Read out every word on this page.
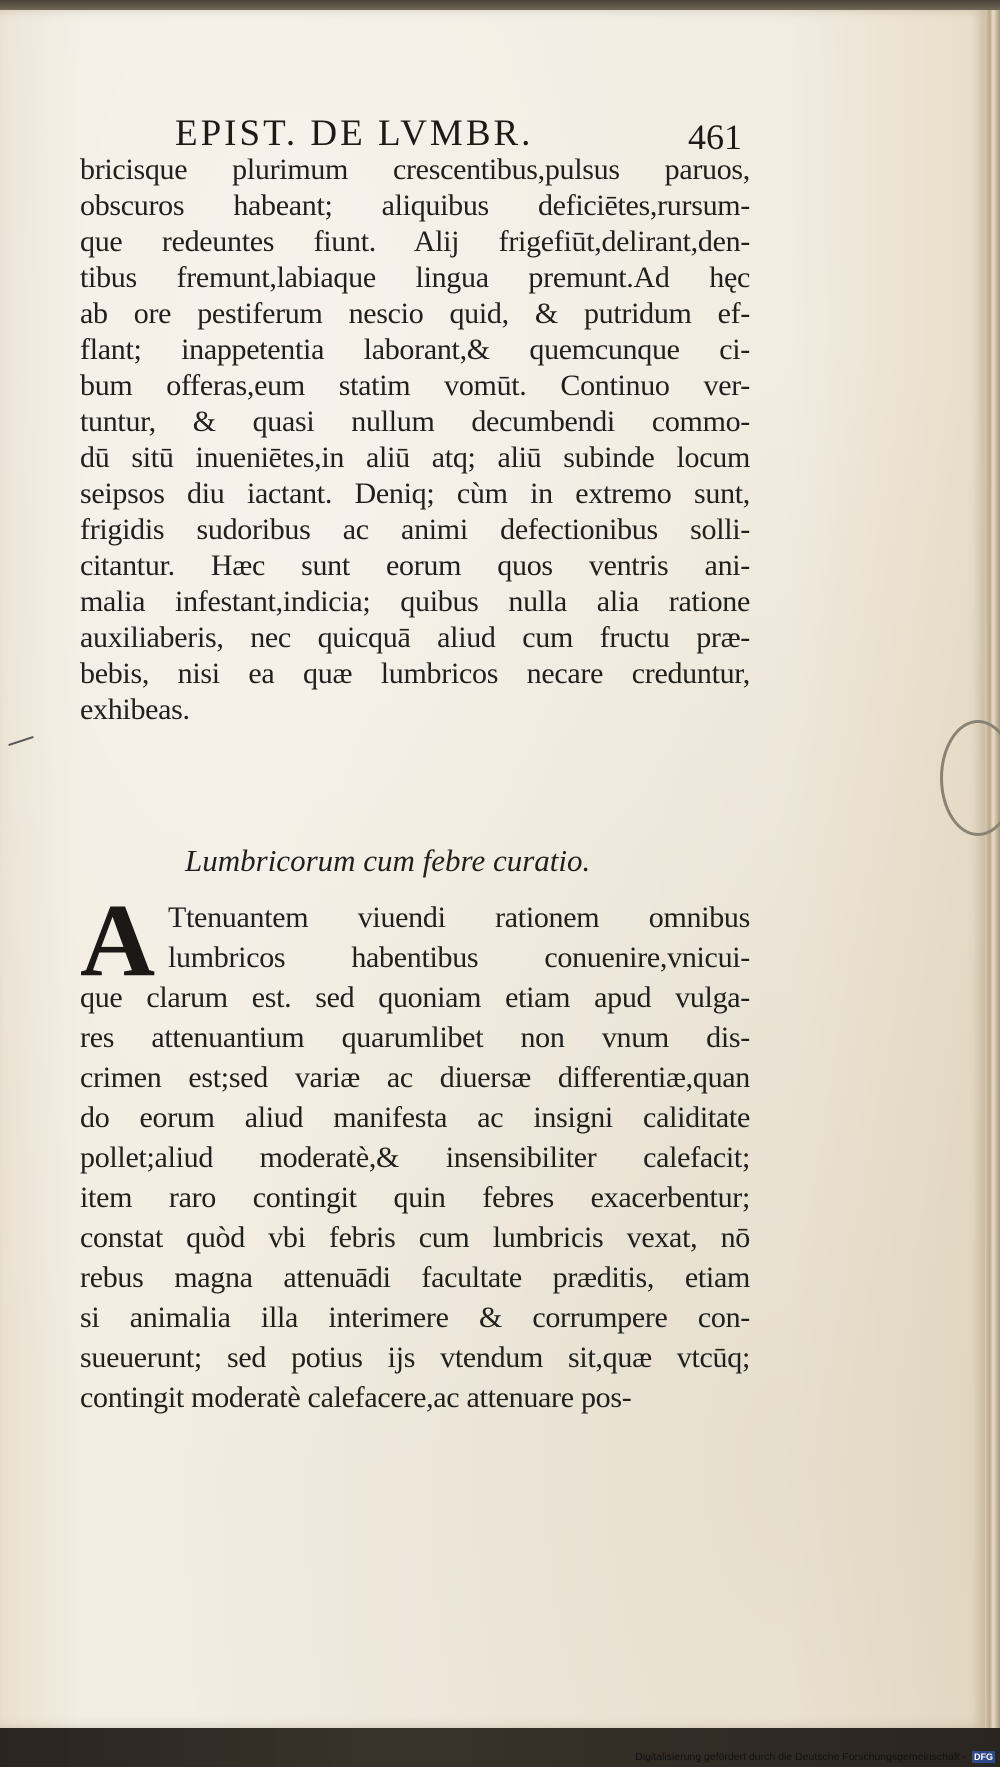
EPIST. DE LVMBR.	461
bricisque plurimum crescentibus,pulsus paruos,
obscuros habeant; aliquibus deficiētes,rursum-
que redeuntes fiunt. Alij frigefiūt,delirant,den-
tibus fremunt,labiaque lingua premunt.Ad hęc
ab ore pestiferum nescio quid, & putridum ef-
flant; inappetentia laborant,& quemcunque ci-
bum offeras,eum statim vomūt. Continuo ver-
tuntur, & quasi nullum decumbendi commo-
dū sitū inueniētes,in aliū atq; aliū subinde locum
seipsos diu iactant. Deniq; cùm in extremo sunt,
frigidis sudoribus ac animi defectionibus solli-
citantur. Hæc sunt eorum quos ventris ani-
malia infestant,indicia; quibus nulla alia ratione
auxiliaberis, nec quicquā aliud cum fructu præ-
bebis, nisi ea quæ lumbricos necare creduntur,
exhibeas.
Lumbricorum cum febre curatio.
A Ttenuantem viuendi rationem omnibus
lumbricos habentibus conuenire,vnicui-
que clarum est. sed quoniam etiam apud vulga-
res attenuantium quarumlibet non vnum dis-
crimen est;sed variæ ac diuersæ differentiæ,quan
do eorum aliud manifesta ac insigni caliditate
pollet;aliud moderatè,& insensibiliter calefacit;
item raro contingit quin febres exacerbentur;
constat quòd vbi febris cum lumbricis vexat, nō
rebus magna attenuādi facultate præditis, etiam
si animalia illa interimere & corrumpere con-
sueuerunt; sed potius ijs vtendum sit,quæ vtcūq;
contingit moderatè calefacere,ac attenuare pos-
Digitalisierung gefördert durch die Deutsche Forschungsgemeinschaft - DFG
